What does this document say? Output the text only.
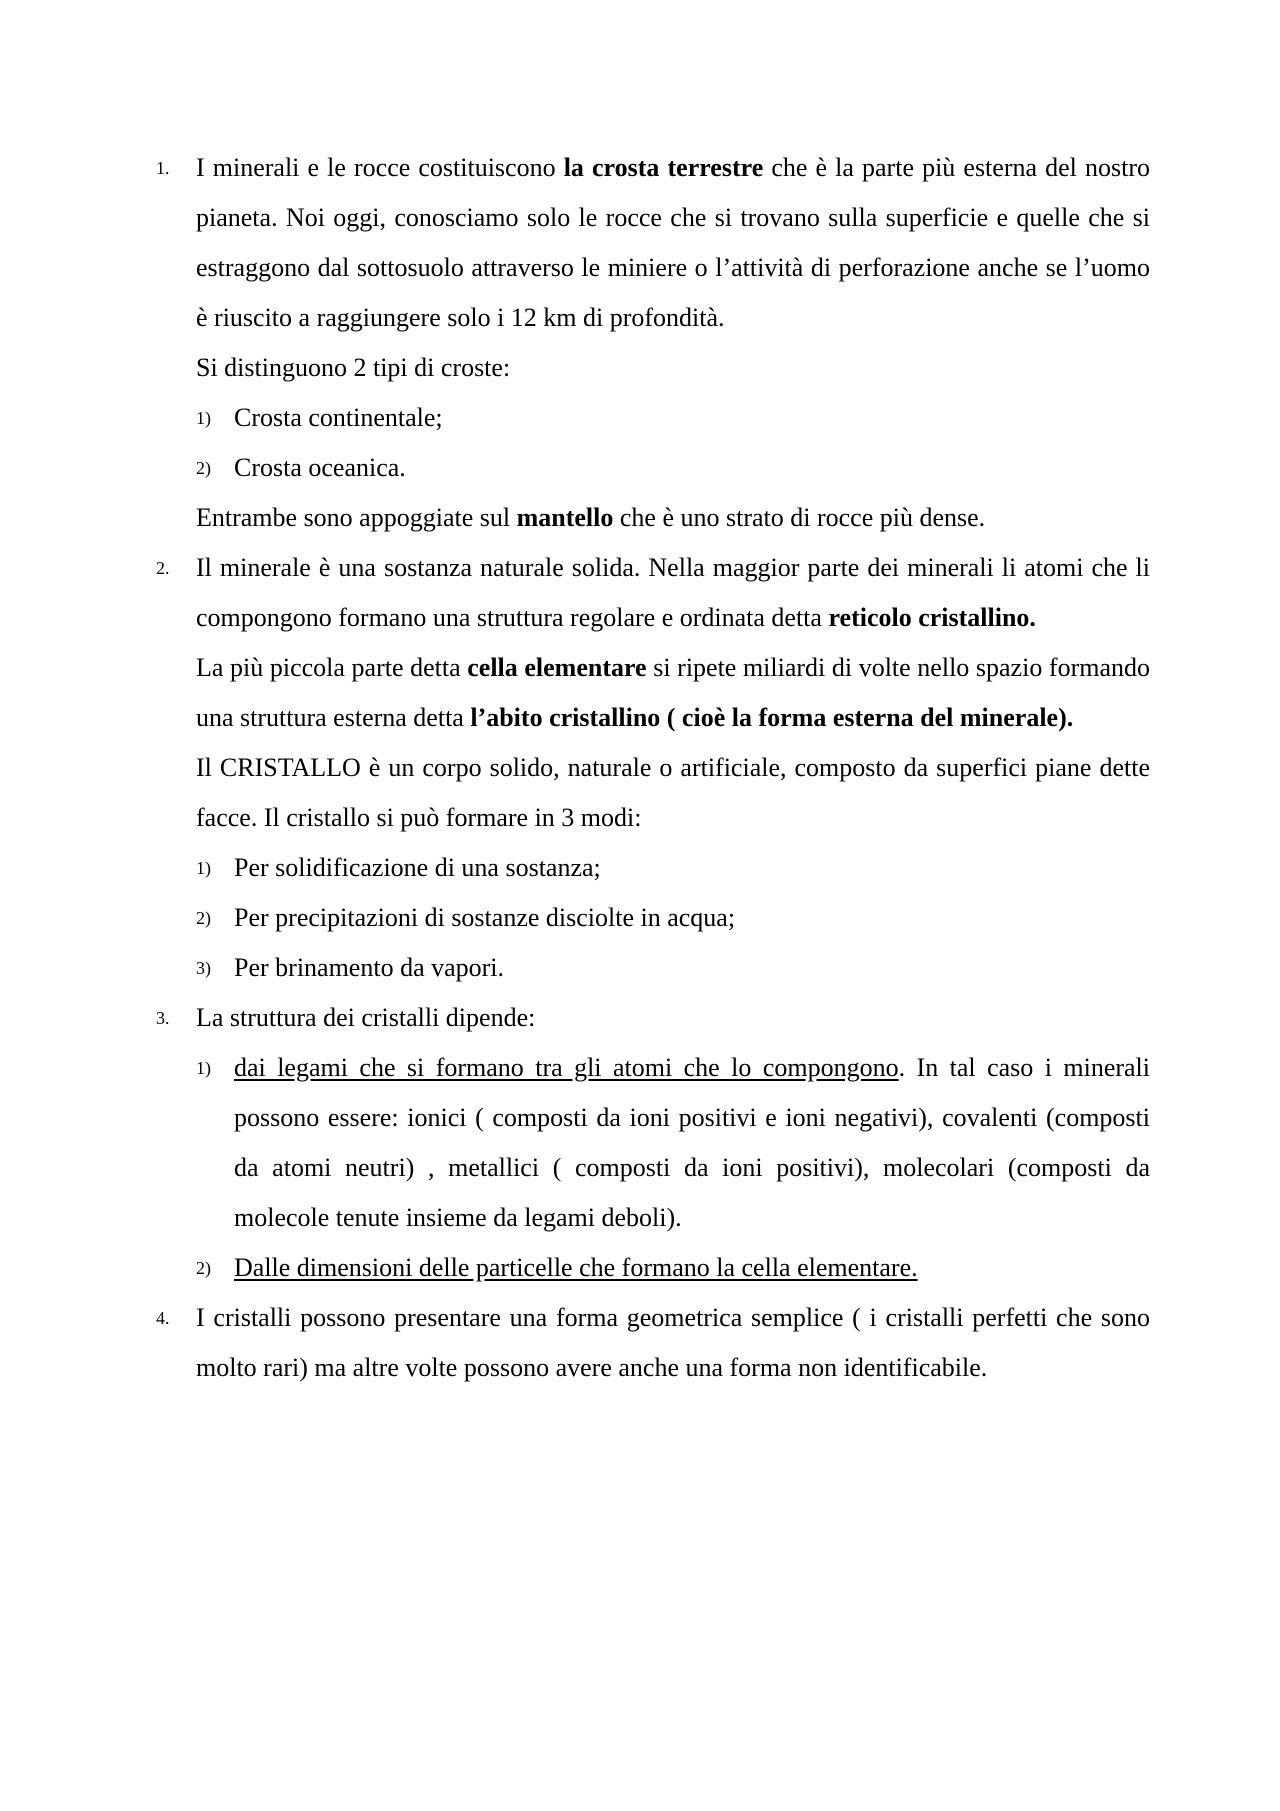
1.	I minerali e le rocce costituiscono la crosta terrestre che è la parte più esterna del nostro pianeta. Noi oggi, conosciamo solo le rocce che si trovano sulla superficie e quelle che si estraggono dal sottosuolo attraverso le miniere o l’attività di perforazione anche se l’uomo è riuscito a raggiungere solo i 12 km di profondità.

Si distinguono 2 tipi di croste:

1) Crosta continentale;

2) Crosta oceanica.

Entrambe sono appoggiate sul mantello che è uno strato di rocce più dense.

2.	Il minerale è una sostanza naturale solida. Nella maggior parte dei minerali li atomi che li compongono formano una struttura regolare e ordinata detta reticolo cristallino.

La più piccola parte detta cella elementare si ripete miliardi di volte nello spazio formando una struttura esterna detta l’abito cristallino ( cioè la forma esterna del minerale).

Il CRISTALLO è un corpo solido, naturale o artificiale, composto da superfici piane dette facce. Il cristallo si può formare in 3 modi:

1) Per solidificazione di una sostanza;

2) Per precipitazioni di sostanze disciolte in acqua;

3) Per brinamento da vapori.

3.	La struttura dei cristalli dipende:

1) dai legami che si formano tra gli atomi che lo compongono. In tal caso i minerali possono essere: ionici ( composti da ioni positivi e ioni negativi), covalenti (composti da atomi neutri) , metallici ( composti da ioni positivi), molecolari (composti da molecole tenute insieme da legami deboli).

2) Dalle dimensioni delle particelle che formano la cella elementare.

4.	I cristalli possono presentare una forma geometrica semplice ( i cristalli perfetti che sono molto rari) ma altre volte possono avere anche una forma non identificabile.
